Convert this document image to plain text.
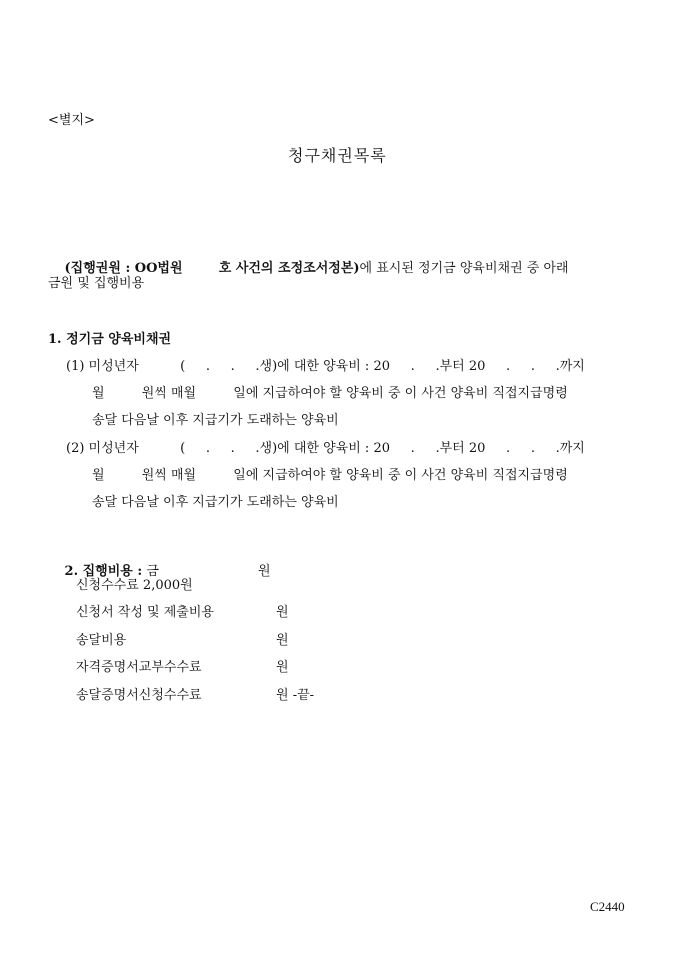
<별지>
청구채권목록

(집행권원 : OO법원        호 사건의 조정조서정본)에 표시된 정기금 양육비채권 중 아래

금원 및 집행비용
1. 정기금 양육비채권
(1) 미성년자          (     .     .     .생)에 대한 양육비 : 20     .     .부터 20     .     .     .까지
월         원씩 매월         일에 지급하여야 할 양육비 중 이 사건 양육비 직접지급명령
송달 다음날 이후 지급기가 도래하는 양육비
(2) 미성년자          (     .     .     .생)에 대한 양육비 : 20     .     .부터 20     .     .     .까지
월         원씩 매월         일에 지급하여야 할 양육비 중 이 사건 양육비 직접지급명령
송달 다음날 이후 지급기가 도래하는 양육비

2. 집행비용 : 금                        원

신청수수료 2,000원
신청서 작성 및 제출비용	원
송달비용	원
자격증명서교부수수료	원
송달증명서신청수수료	원 -끝-
C2440
